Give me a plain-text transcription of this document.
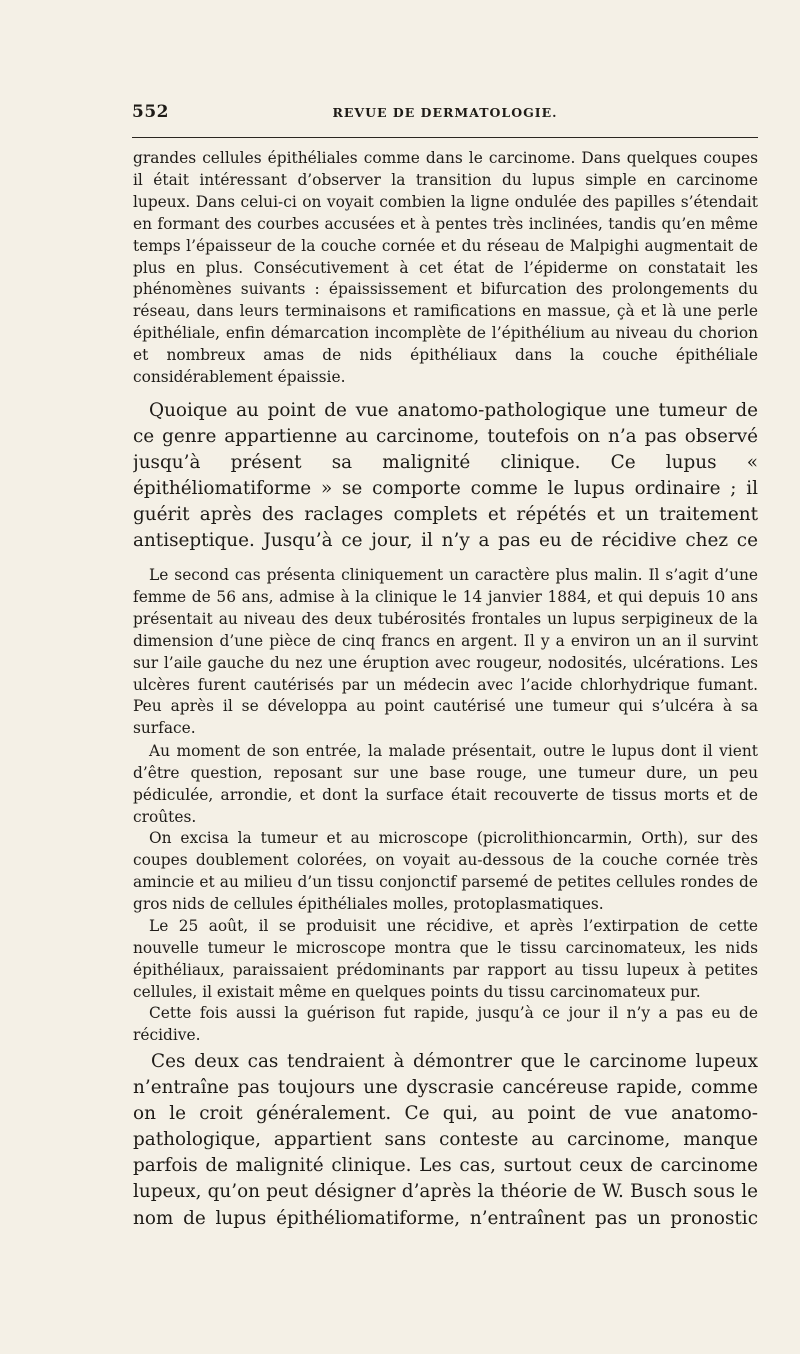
552	REVUE DE DERMATOLOGIE.

grandes cellules épithéliales comme dans le carcinome. Dans quelques coupes il était intéressant d’observer la transition du lupus simple en carcinome lupeux. Dans celui-ci on voyait combien la ligne ondulée des papilles s’étendait en formant des courbes accusées et à pentes très inclinées, tandis qu’en même temps l’épaisseur de la couche cornée et du réseau de Malpighi augmentait de plus en plus. Consécutivement à cet état de l’épiderme on constatait les phénomènes suivants : épaississement et bifurcation des prolongements du réseau, dans leurs terminaisons et ramifications en massue, çà et là une perle épithéliale, enfin démarcation incomplète de l’épithélium au niveau du chorion et nombreux amas de nids épithéliaux dans la couche épithéliale considérablement épaissie.

Quoique au point de vue anatomo-pathologique une tumeur de ce genre appartienne au carcinome, toutefois on n’a pas observé jusqu’à présent sa malignité clinique. Ce lupus « épithéliomatiforme » se comporte comme le lupus ordinaire ; il guérit après des raclages complets et répétés et un traitement antiseptique. Jusqu’à ce jour, il n’y a pas eu de récidive chez ce

Le second cas présenta cliniquement un caractère plus malin. Il s’agit d’une femme de 56 ans, admise à la clinique le 14 janvier 1884, et qui depuis 10 ans présentait au niveau des deux tubérosités frontales un lupus serpigineux de la dimension d’une pièce de cinq francs en argent. Il y a environ un an il survint sur l’aile gauche du nez une éruption avec rougeur, nodosités, ulcérations. Les ulcères furent cautérisés par un médecin avec l’acide chlorhydrique fumant. Peu après il se développa au point cautérisé une tumeur qui s’ulcéra à sa surface.

Au moment de son entrée, la malade présentait, outre le lupus dont il vient d’être question, reposant sur une base rouge, une tumeur dure, un peu pédiculée, arrondie, et dont la surface était recouverte de tissus morts et de croûtes.

On excisa la tumeur et au microscope (picrolithioncarmin, Orth), sur des coupes doublement colorées, on voyait au-dessous de la couche cornée très amincie et au milieu d’un tissu conjonctif parsemé de petites cellules rondes de gros nids de cellules épithéliales molles, protoplasmatiques.

Le 25 août, il se produisit une récidive, et après l’extirpation de cette nouvelle tumeur le microscope montra que le tissu carcinomateux, les nids épithéliaux, paraissaient prédominants par rapport au tissu lupeux à petites cellules, il existait même en quelques points du tissu carcinomateux pur.

Cette fois aussi la guérison fut rapide, jusqu’à ce jour il n’y a pas eu de récidive.

Ces deux cas tendraient à démontrer que le carcinome lupeux n’entraîne pas toujours une dyscrasie cancéreuse rapide, comme on le croit généralement. Ce qui, au point de vue anatomo-pathologique, appartient sans conteste au carcinome, manque parfois de malignité clinique. Les cas, surtout ceux de carcinome lupeux, qu’on peut désigner d’après la théorie de W. Busch sous le nom de lupus épithéliomatiforme, n’entraînent pas un pronostic
